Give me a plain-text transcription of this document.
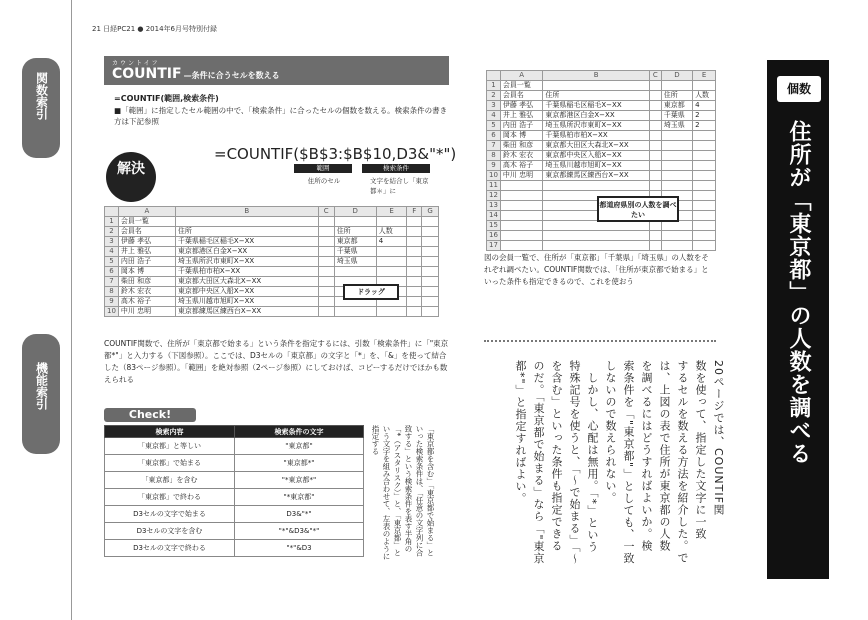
関数索引
機能索引
21 日経PC21 ● 2014年6月号特別付録
カウントイフ
COUNTIF —条件に合うセルを数える
=COUNTIF(範囲,検索条件)
■「範囲」に指定したセル範囲の中で、「検索条件」に合ったセルの個数を数える。検索条件の書き方は下記参照
解決
=COUNTIF($B$3:$B$10,D3&"*")
範囲	検索条件
住所のセル	文字を結合し「東京都＊」に
	A	B	C	D	E	F	G
1	会員一覧						
2	会員名	住所		住所	人数		
3	伊藤 孝弘	千葉県稲毛区稲毛X−XX		東京都	4		
4	井上 雅弘	東京都港区白金X−XX		千葉県			
5	内田 浩子	埼玉県所沢市東町X−XX		埼玉県			
6	岡本 博	千葉県柏市柏X−XX					
7	柴田 和彦	東京都大田区大森北X−XX					
8	鈴木 宏衣	東京都中央区入船X−XX					
9	高木 裕子	埼玉県川越市旭町X−XX					
10	中川 忠明	東京都練馬区練西台X−XX					
ドラッグ
COUNTIF関数で、住所が「東京都で始まる」という条件を指定するには、引数「検索条件」に「"東京都*"」と入力する（下図参照）。ここでは、D3セルの「東京都」の文字と「*」を、「&」を使って結合した（83ページ参照）。「範囲」を絶対参照（2ページ参照）にしておけば、コピーするだけでほかも数えられる
Check!
検索内容	検索条件の文字
「東京都」と等しい	"東京都"
「東京都」で始まる	"東京都*"
「東京都」を含む	"*東京都*"
「東京都」で終わる	"*東京都"
D3セルの文字で始まる	D3&"*"
D3セルの文字を含む	"*"&D3&"*"
D3セルの文字で終わる	"*"&D3	「東京都を含む」「東京都で始まる」といった検索条件は、「任意の文字列に合致する」という検索条件を表す半角の「*（アスタリスク）」と、「東京都」という文字を組み合わせて、左表のように指定する
	A	B	C	D	E
1	会員一覧				
2	会員名	住所		住所	人数
3	伊藤 孝弘	千葉県稲毛区稲毛X−XX		東京都	4
4	井上 雅弘	東京都港区白金X−XX		千葉県	2
5	内田 浩子	埼玉県所沢市東町X−XX		埼玉県	2
6	岡本 博	千葉県柏市柏X−XX			
7	柴田 和彦	東京都大田区大森北X−XX			
8	鈴木 宏衣	東京都中央区入船X−XX			
9	高木 裕子	埼玉県川越市旭町X−XX			
10	中川 忠明	東京都練馬区練西台X−XX			
11					
12					
13					
14					
15					
16					
17					
都道府県別の人数を調べたい
図の会員一覧で、住所が「東京都」「千葉県」「埼玉県」の人数をそれぞれ調べたい。COUNTIF関数では、「住所が東京都で始まる」といった条件も指定できるので、これを使おう
20ページでは、COUNTIF関
数を使って、指定した文字に一致
するセルを数える方法を紹介した。で
は、上図の表で住所が東京都の人数
を調べるにはどうすればよいか。検
索条件を「"東京都"」としても、一致
しないので数えられない。
　しかし、心配は無用。「*」という
特殊記号を使うと、「〜で始まる」「〜
を含む」といった条件も指定できる
のだ。「東京都で始まる」なら「"東京
都*"」と指定すればよい。
個数
住所が「東京都」の人数を調べる
